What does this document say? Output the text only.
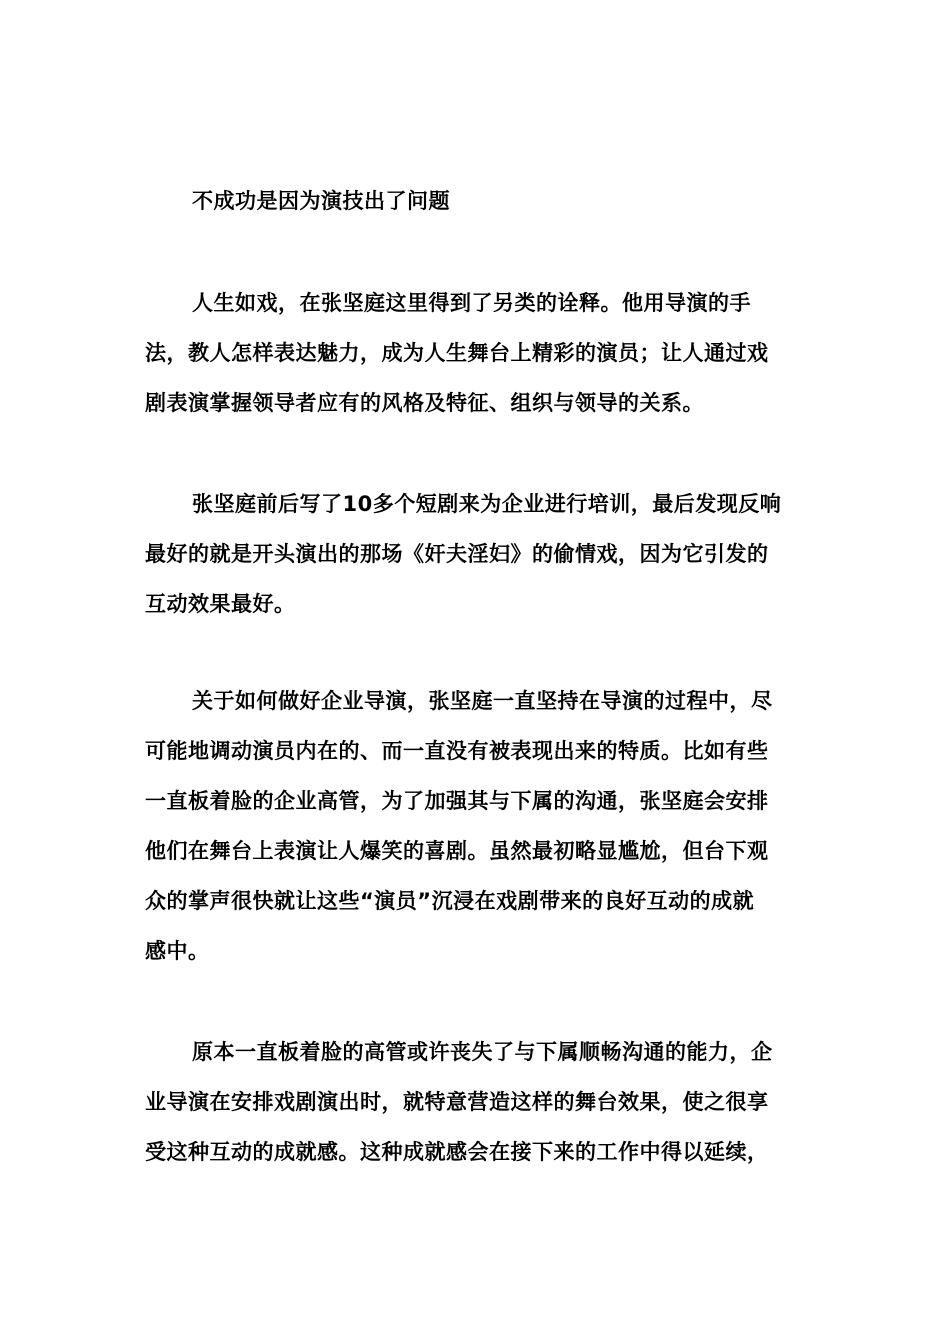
不成功是因为演技出了问题

人生如戏，在张坚庭这里得到了另类的诠释。他用导演的手

法，教人怎样表达魅力，成为人生舞台上精彩的演员；让人通过戏

剧表演掌握领导者应有的风格及特征、组织与领导的关系。

张坚庭前后写了10多个短剧来为企业进行培训，最后发现反响

最好的就是开头演出的那场《奸夫淫妇》的偷情戏，因为它引发的

互动效果最好。

关于如何做好企业导演，张坚庭一直坚持在导演的过程中，尽

可能地调动演员内在的、而一直没有被表现出来的特质。比如有些

一直板着脸的企业高管，为了加强其与下属的沟通，张坚庭会安排

他们在舞台上表演让人爆笑的喜剧。虽然最初略显尴尬，但台下观

众的掌声很快就让这些“演员”沉浸在戏剧带来的良好互动的成就

感中。

原本一直板着脸的高管或许丧失了与下属顺畅沟通的能力，企

业导演在安排戏剧演出时，就特意营造这样的舞台效果，使之很享

受这种互动的成就感。这种成就感会在接下来的工作中得以延续，
